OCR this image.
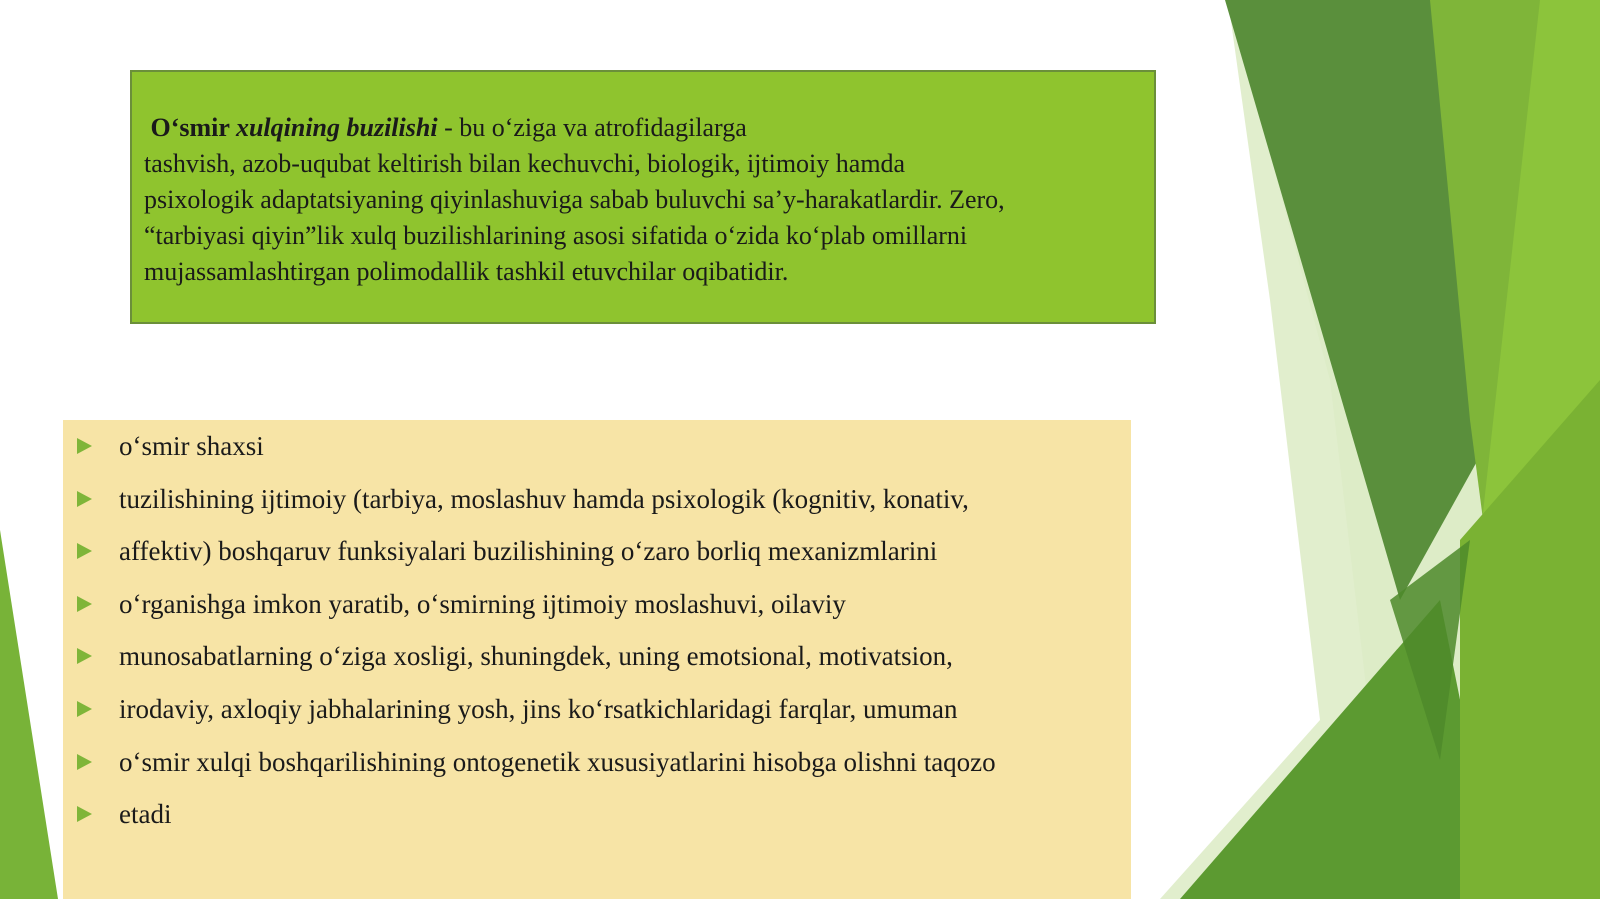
O‘smir xulqining buzilishi - bu o‘ziga va atrofidagilarga

tashvish, azob-uqubat keltirish bilan kechuvchi, biologik, ijtimoiy hamda

psixologik adaptatsiyaning qiyinlashuviga sabab buluvchi sa’y-harakatlardir. Zero,

“tarbiyasi qiyin”lik xulq buzilishlarining asosi sifatida o‘zida ko‘plab omillarni

mujassamlashtirgan polimodallik tashkil etuvchilar oqibatidir.

o‘smir shaxsi
tuzilishining ijtimoiy (tarbiya, moslashuv hamda psixologik (kognitiv, konativ,
affektiv) boshqaruv funksiyalari buzilishining o‘zaro borliq mexanizmlarini
o‘rganishga imkon yaratib, o‘smirning ijtimoiy moslashuvi, oilaviy
munosabatlarning o‘ziga xosligi, shuningdek, uning emotsional, motivatsion,
irodaviy, axloqiy jabhalarining yosh, jins ko‘rsatkichlaridagi farqlar, umuman
o‘smir xulqi boshqarilishining ontogenetik xususiyatlarini hisobga olishni taqozo
etadi
